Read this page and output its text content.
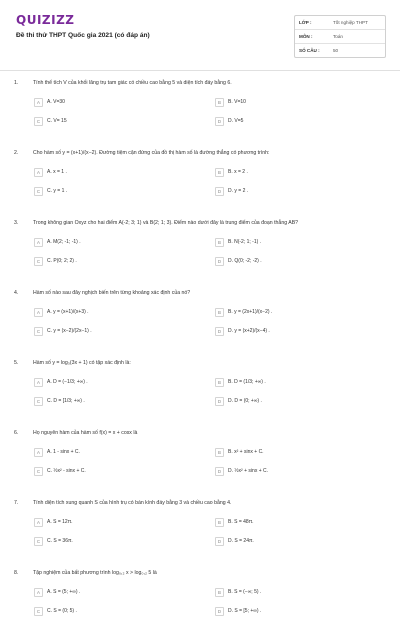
QUIZIZZ
Đề thi thử THPT Quốc gia 2021 (có đáp án)
LỚP :	Tốt nghiệp THPT
MÔN :	Toán
SỐ CÂU :	50
1.	Tính thể tích V của khối lăng trụ tam giác có chiều cao bằng 5 và diện tích đáy bằng 6.
A	A. V=30	B	B. V=10
C	C. V= 15	D	D. V=5
2.	Cho hàm số y = (x+1)/(x−2). Đường tiệm cận đứng của đồ thị hàm số là đường thẳng có phương trình:
A	A. x = 1 .	B	B. x = 2 .
C	C. y = 1 .	D	D. y = 2 .
3.	Trong không gian Oxyz cho hai điểm A(-2; 3; 1) và B(2; 1; 3). Điểm nào dưới đây là trung điểm của đoạn thẳng AB?
A	A. M(2; -1; -1) .	B	B. N(-2; 1; -1) .
C	C. P(0; 2; 2) .	D	D. Q(0; -2; -2) .
4.	Hàm số nào sau đây nghịch biến trên từng khoảng xác định của nó?
A	A. y = (x+1)/(x+3) .	B	B. y = (2x+1)/(x−2) .
C	C. y = (x−2)/(2x−1) .	D	D. y = (x+2)/(x−4) .
5.	Hàm số y = log₃(3x + 1) có tập xác định là:
A	A. D = (−1/3; +∞) .	B	B. D = (1/3; +∞) .
C	C. D = [1/3; +∞) .	D	D. D = (0; +∞) .
6.	Họ nguyên hàm của hàm số f(x) = x + cosx là
A	A. 1 - sinx + C.	B	B. x² + sinx + C.
C	C. ½x² - sinx + C.	D	D. ½x² + sinx + C.
7.	Tính diện tích xung quanh S của hình trụ có bán kính đáy bằng 3 và chiều cao bằng 4.
A	A. S = 12π.	B	B. S = 48π.
C	C. S = 36π.	D	D. S = 24π.
8.	Tập nghiệm của bất phương trình log₀,₂ x > log₀,₂ 5 là
A	A. S = (5; +∞) .	B	B. S = (−∞; 5) .
C	C. S = (0; 5) .	D	D. S = [5; +∞) .
